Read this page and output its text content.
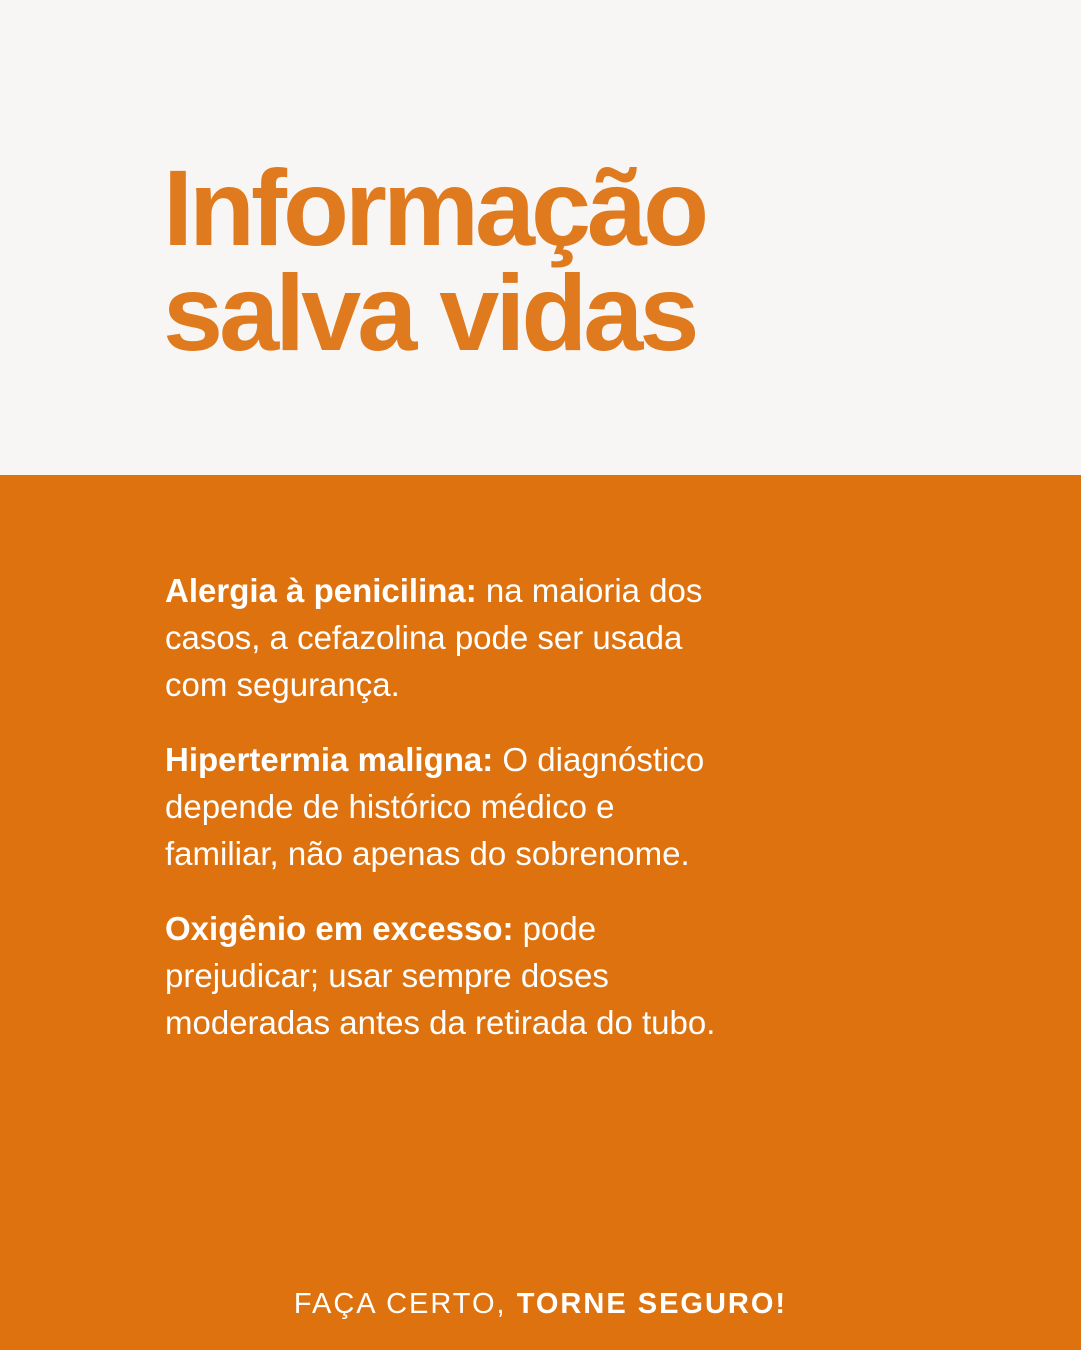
Informação
salva vidas
Alergia à penicilina: na maioria dos
casos, a cefazolina pode ser usada
com segurança.
Hipertermia maligna: O diagnóstico
depende de histórico médico e
familiar, não apenas do sobrenome.
Oxigênio em excesso: pode
prejudicar; usar sempre doses
moderadas antes da retirada do tubo.
FAÇA CERTO, TORNE SEGURO!
